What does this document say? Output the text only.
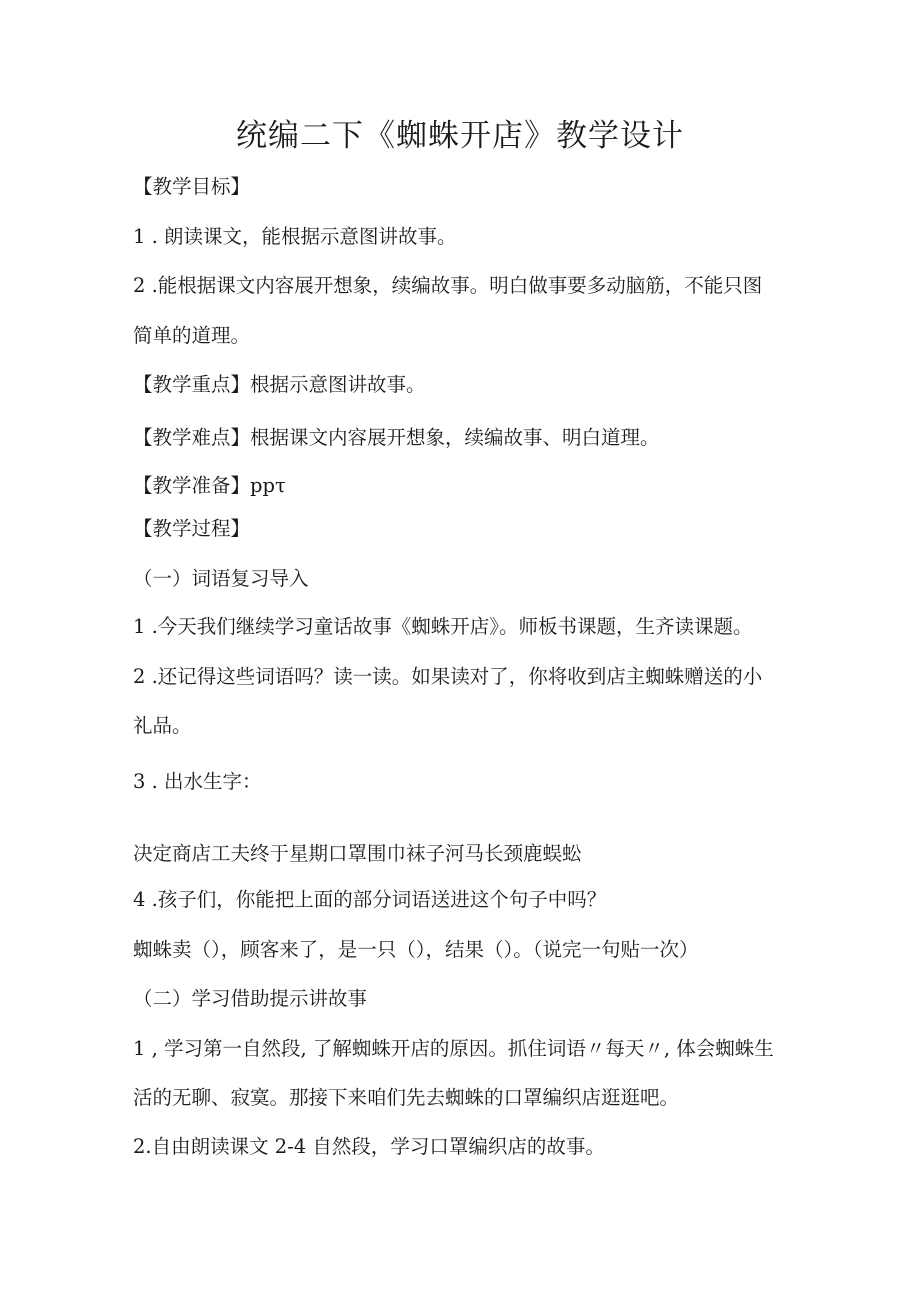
统编二下《蜘蛛开店》教学设计
【教学目标】
1 . 朗读课文，能根据示意图讲故事。
2 .能根据课文内容展开想象，续编故事。明白做事要多动脑筋，不能只图
简单的道理。
【教学重点】根据示意图讲故事。
【教学难点】根据课文内容展开想象，续编故事、明白道理。
【教学准备】ppτ
【教学过程】
（一）词语复习导入
1 .今天我们继续学习童话故事《蜘蛛开店》。师板书课题，生齐读课题。
2 .还记得这些词语吗？读一读。如果读对了，你将收到店主蜘蛛赠送的小
礼品。
3 . 出水生字：
决定商店工夫终于星期口罩围巾袜子河马长颈鹿蜈蚣
4 .孩子们，你能把上面的部分词语送进这个句子中吗？
蜘蛛卖（），顾客来了，是一只（），结果（）。（说完一句贴一次）
（二）学习借助提示讲故事
1 , 学习第一自然段, 了解蜘蛛开店的原因。抓住词语〃每天〃, 体会蜘蛛生
活的无聊、寂寞。那接下来咱们先去蜘蛛的口罩编织店逛逛吧。
2.自由朗读课文 2-4 自然段，学习口罩编织店的故事。
